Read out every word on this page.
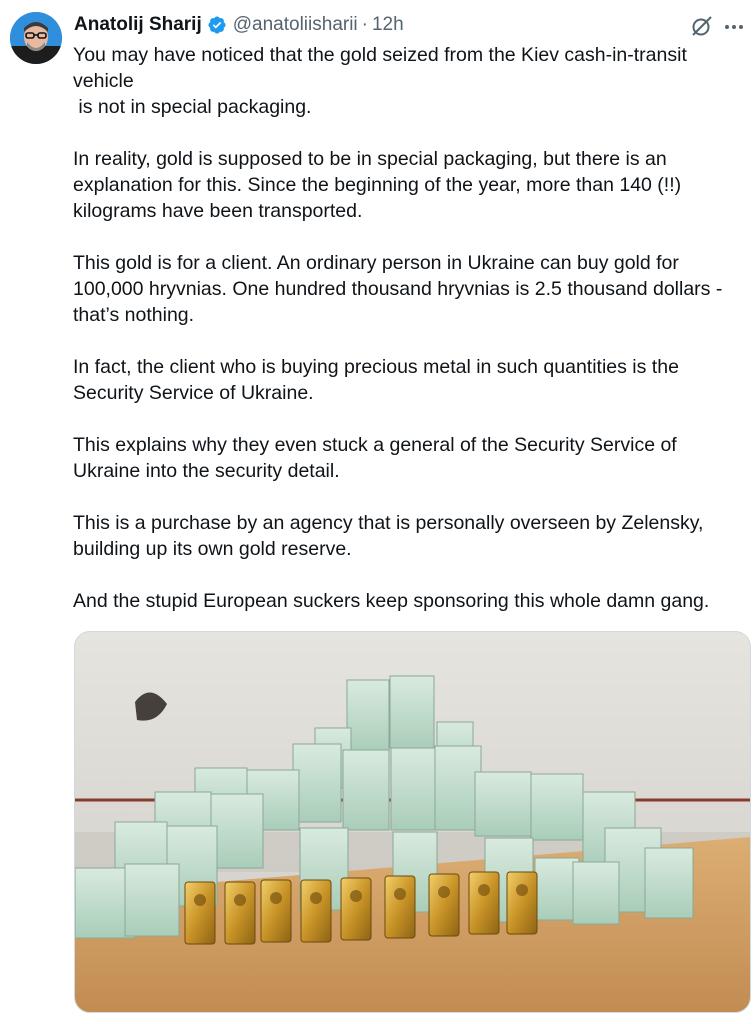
Anatolij Sharij @anatoliisharii · 12h

You may have noticed that the gold seized from the Kiev cash-in-transit vehicle
is not in special packaging.

In reality, gold is supposed to be in special packaging, but there is an explanation for this. Since the beginning of the year, more than 140 (!!) kilograms have been transported.

This gold is for a client. An ordinary person in Ukraine can buy gold for 100,000 hryvnias. One hundred thousand hryvnias is 2.5 thousand dollars - that’s nothing.

In fact, the client who is buying precious metal in such quantities is the Security Service of Ukraine.

This explains why they even stuck a general of the Security Service of Ukraine into the security detail.

This is a purchase by an agency that is personally overseen by Zelensky, building up its own gold reserve.

And the stupid European suckers keep sponsoring this whole damn gang.
